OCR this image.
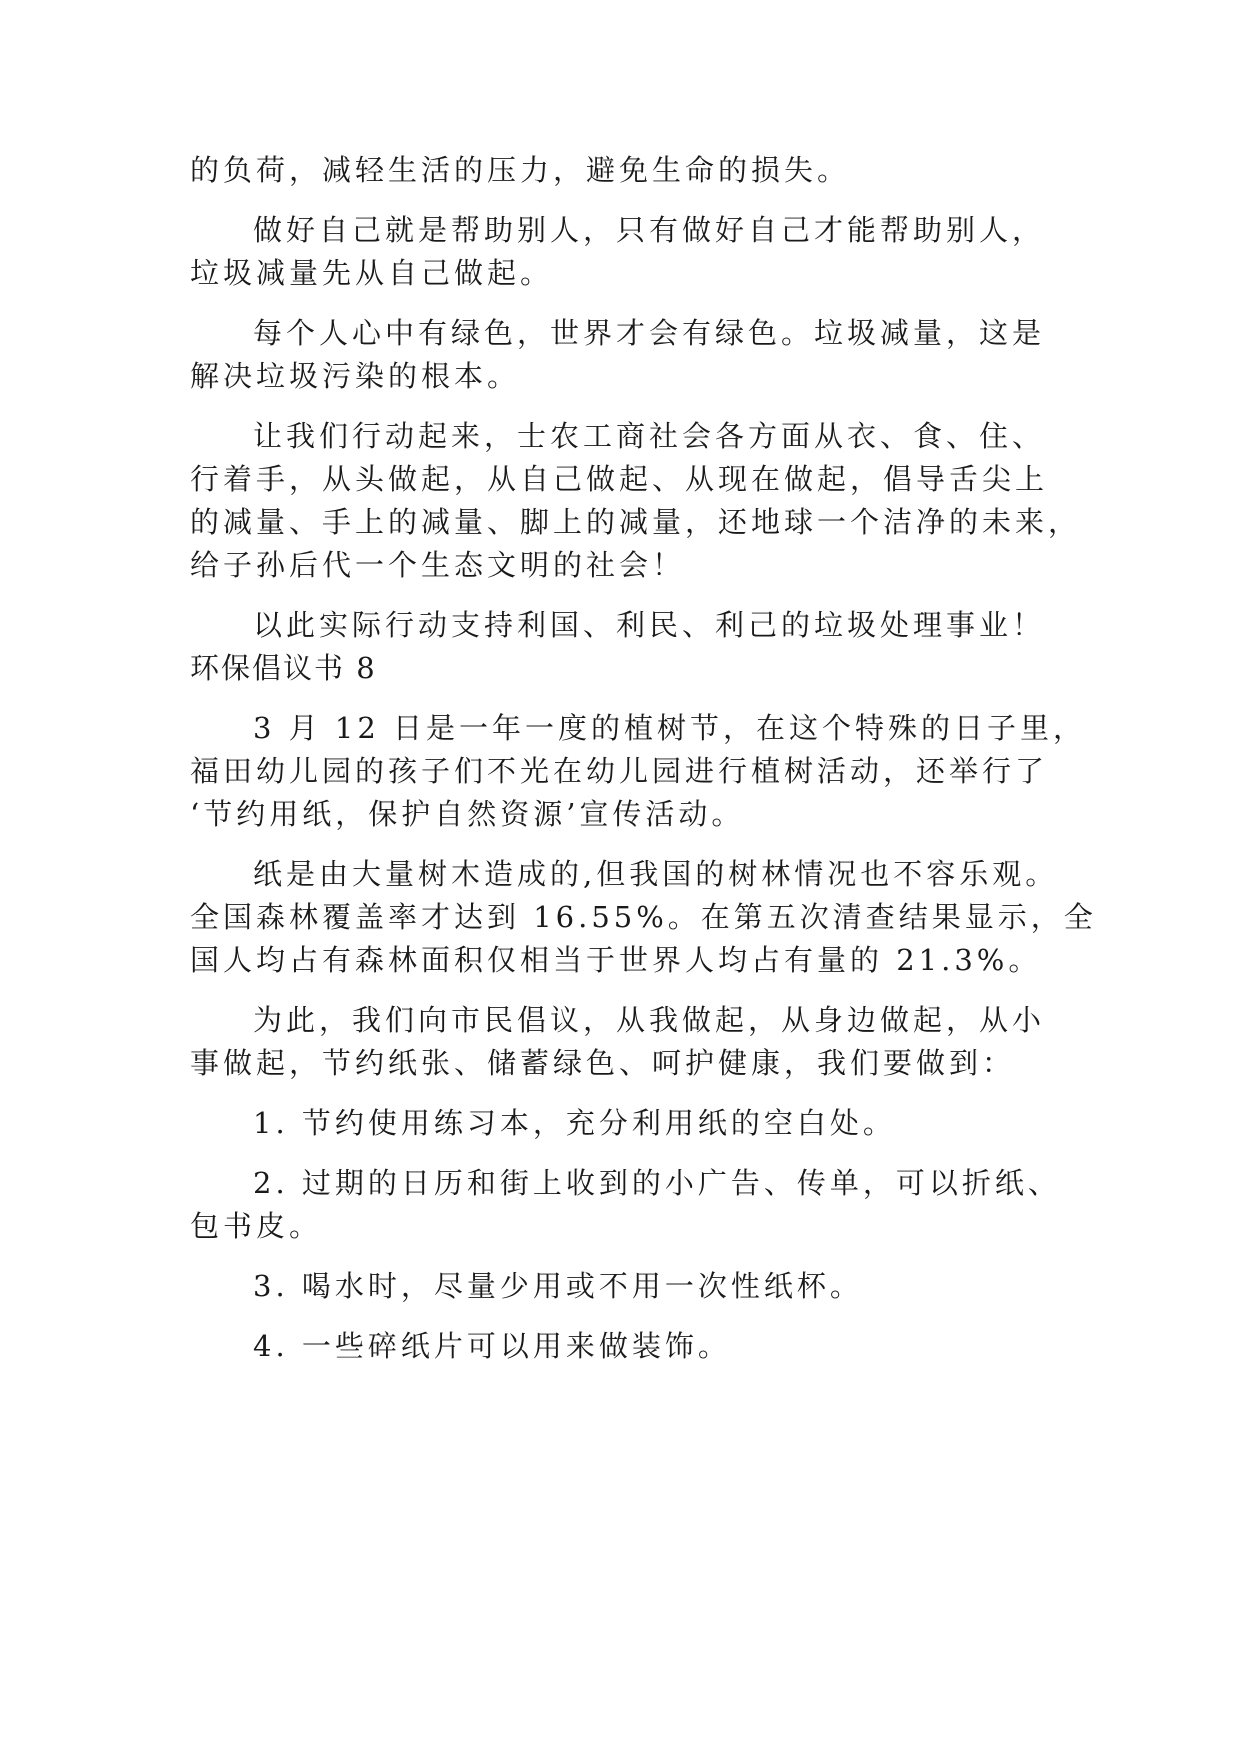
的负荷，减轻生活的压力，避免生命的损失。
做好自己就是帮助别人，只有做好自己才能帮助别人，
垃圾减量先从自己做起。
每个人心中有绿色，世界才会有绿色。垃圾减量，这是
解决垃圾污染的根本。
让我们行动起来，士农工商社会各方面从衣、食、住、
行着手，从头做起，从自己做起、从现在做起，倡导舌尖上
的减量、手上的减量、脚上的减量，还地球一个洁净的未来，
给子孙后代一个生态文明的社会！
以此实际行动支持利国、利民、利己的垃圾处理事业！
环保倡议书 8
3 月 12 日是一年一度的植树节，在这个特殊的日子里，
福田幼儿园的孩子们不光在幼儿园进行植树活动，还举行了
‘节约用纸，保护自然资源’宣传活动。
纸是由大量树木造成的,但我国的树林情况也不容乐观。
全国森林覆盖率才达到 16.55%。在第五次清查结果显示，全
国人均占有森林面积仅相当于世界人均占有量的 21.3%。
为此，我们向市民倡议，从我做起，从身边做起，从小
事做起，节约纸张、储蓄绿色、呵护健康，我们要做到：
1. 节约使用练习本，充分利用纸的空白处。
2. 过期的日历和街上收到的小广告、传单，可以折纸、
包书皮。
3. 喝水时，尽量少用或不用一次性纸杯。
4. 一些碎纸片可以用来做装饰。
